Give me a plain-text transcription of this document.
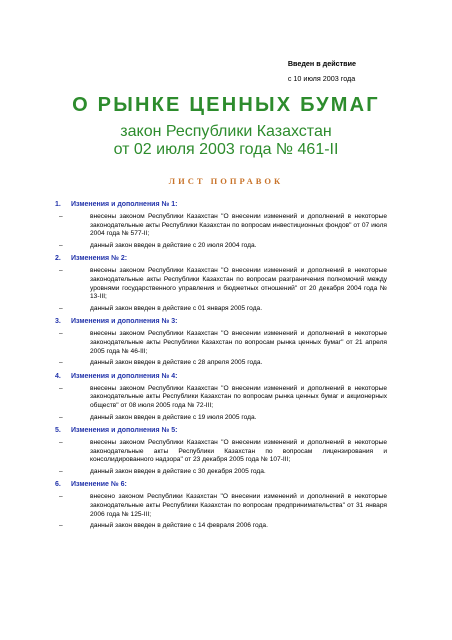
Введен в действие
с 10 июля 2003 года
О РЫНКЕ ЦЕННЫХ БУМАГ
закон Республики Казахстан
от 02 июля 2003 года № 461-II
ЛИСТ ПОПРАВОК
1.	Изменения и дополнения № 1:
–	внесены законом Республики Казахстан "О внесении изменений и дополнений в некоторые законодательные акты Республики Казахстан по вопросам инвестиционных фондов" от 07 июля 2004 года № 577-II;
–	данный закон введен в действие с 20 июля 2004 года.
2.	Изменения № 2:
–	внесены законом Республики Казахстан "О внесении изменений и дополнений в некоторые законодательные акты Республики Казахстан по вопросам разграничения полномочий между уровнями государственного управления и бюджетных отношений" от 20 декабря 2004 года № 13-III;
–	данный закон введен в действие с 01 января 2005 года.
3.	Изменения и дополнения № 3:
–	внесены законом Республики Казахстан "О внесении изменений и дополнений в некоторые законодательные акты Республики Казахстан по вопросам рынка ценных бумаг" от 21 апреля 2005 года № 46-III;
–	данный закон введен в действие с 28 апреля 2005 года.
4.	Изменения и дополнения № 4:
–	внесены законом Республики Казахстан "О внесении изменений и дополнений в некоторые законодательные акты Республики Казахстан по вопросам рынка ценных бумаг и акционерных обществ" от 08 июля 2005 года № 72-III;
–	данный закон введен в действие с 19 июля 2005 года.
5.	Изменения и дополнения № 5:
–	внесены законом Республики Казахстан "О внесении изменений и дополнений в некоторые законодательные акты Республики Казахстан по вопросам лицензирования и консолидированного надзора" от 23 декабря 2005 года № 107-III;
–	данный закон введен в действие с 30 декабря 2005 года.
6.	Изменение № 6:
–	внесено законом Республики Казахстан "О внесении изменений и дополнений в некоторые законодательные акты Республики Казахстан по вопросам предпринимательства" от 31 января 2006 года № 125-III;
–	данный закон введен в действие с 14 февраля 2006 года.
